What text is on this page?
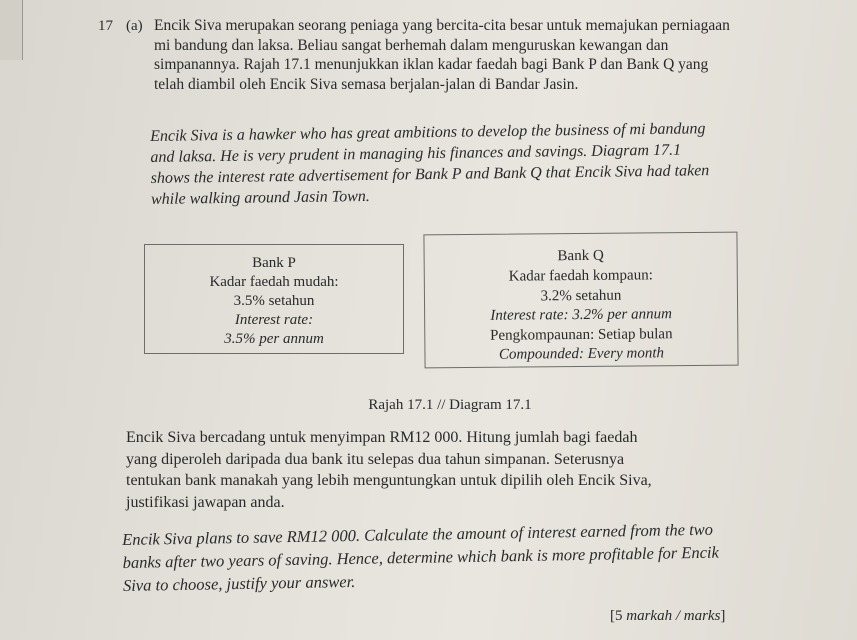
17 (a) Encik Siva merupakan seorang peniaga yang bercita-cita besar untuk memajukan perniagaan mi bandung dan laksa. Beliau sangat berhemah dalam menguruskan kewangan dan simpanannya. Rajah 17.1 menunjukkan iklan kadar faedah bagi Bank P dan Bank Q yang telah diambil oleh Encik Siva semasa berjalan-jalan di Bandar Jasin.
Encik Siva is a hawker who has great ambitions to develop the business of mi bandung and laksa. He is very prudent in managing his finances and savings. Diagram 17.1 shows the interest rate advertisement for Bank P and Bank Q that Encik Siva had taken while walking around Jasin Town.
Bank P
Kadar faedah mudah:
3.5% setahun
Interest rate:
3.5% per annum
Bank Q
Kadar faedah kompaun:
3.2% setahun
Interest rate: 3.2% per annum
Pengkompaunan: Setiap bulan
Compounded: Every month
Rajah 17.1 // Diagram 17.1
Encik Siva bercadang untuk menyimpan RM12 000. Hitung jumlah bagi faedah
yang diperoleh daripada dua bank itu selepas dua tahun simpanan. Seterusnya
tentukan bank manakah yang lebih menguntungkan untuk dipilih oleh Encik Siva,
justifikasi jawapan anda.
Encik Siva plans to save RM12 000. Calculate the amount of interest earned from the two banks after two years of saving. Hence, determine which bank is more profitable for Encik Siva to choose, justify your answer.
[5 markah / marks]
